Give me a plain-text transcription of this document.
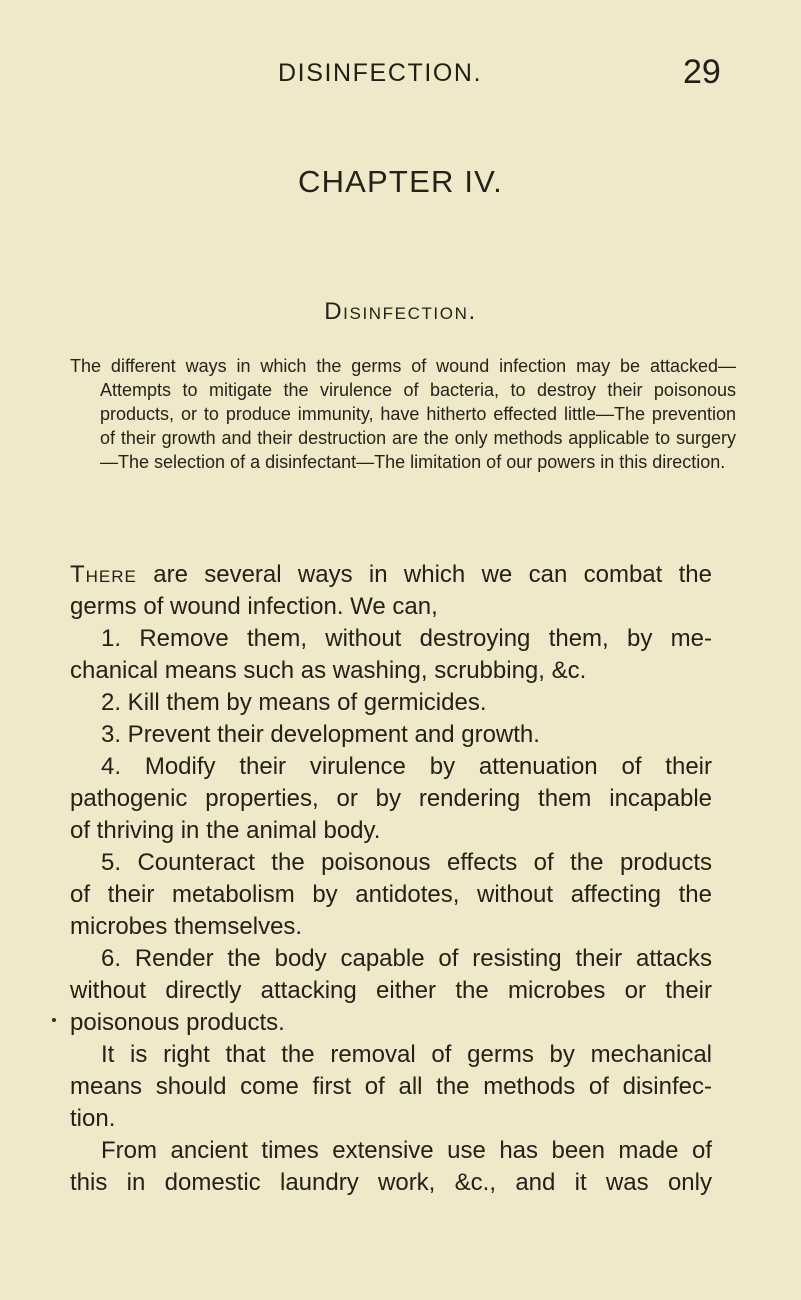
DISINFECTION.	29
CHAPTER IV.
Disinfection.
The different ways in which the germs of wound infection may be attacked—Attempts to mitigate the virulence of bacteria, to destroy their poisonous products, or to produce immunity, have hitherto effected little—The prevention of their growth and their destruction are the only methods applicable to surgery—The selection of a disinfectant—The limitation of our powers in this direction.
There are several ways in which we can combat the
germs of wound infection. We can,
1. Remove them, without destroying them, by me-
chanical means such as washing, scrubbing, &c.
2. Kill them by means of germicides.
3. Prevent their development and growth.
4. Modify their virulence by attenuation of their
pathogenic properties, or by rendering them incapable
of thriving in the animal body.
5. Counteract the poisonous effects of the products
of their metabolism by antidotes, without affecting the
microbes themselves.
6. Render the body capable of resisting their attacks
without directly attacking either the microbes or their
poisonous products.
It is right that the removal of germs by mechanical
means should come first of all the methods of disinfec-
tion.
From ancient times extensive use has been made of
this in domestic laundry work, &c., and it was only
